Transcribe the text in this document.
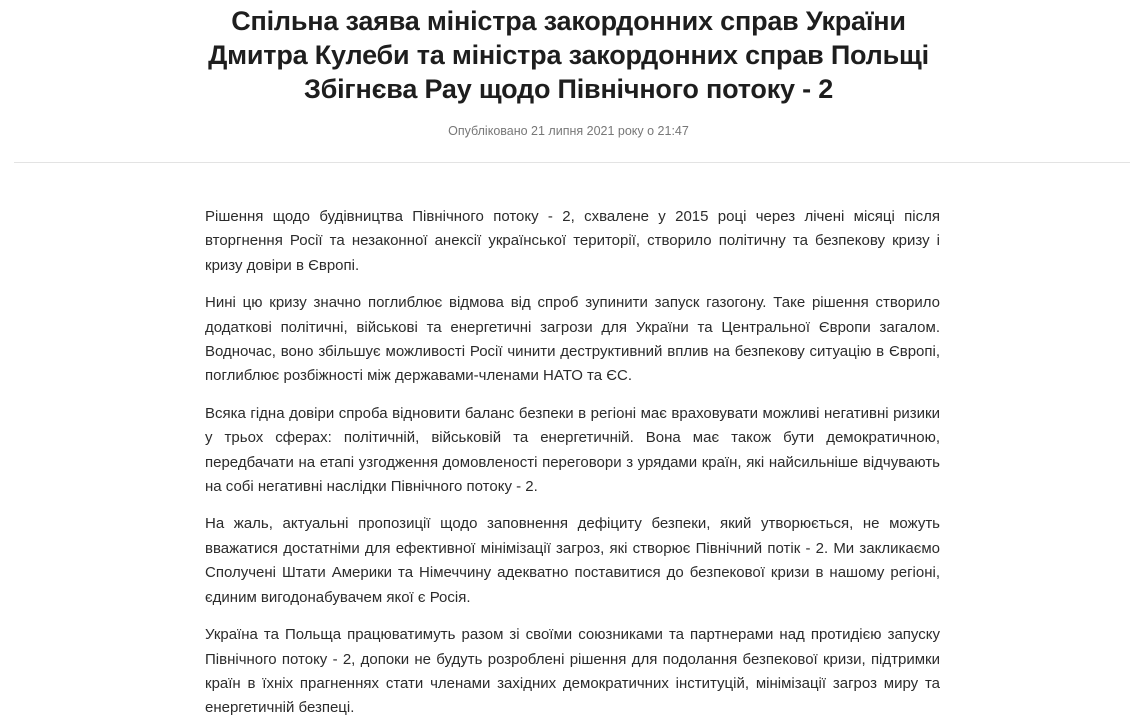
Спільна заява міністра закордонних справ України
Дмитра Кулеби та міністра закордонних справ Польщі
Збігнєва Рау щодо Північного потоку - 2
Опубліковано 21 липня 2021 року о 21:47

Рішення щодо будівництва Північного потоку - 2, схвалене у 2015 році через лічені місяці після вторгнення Росії та незаконної анексії української території, створило політичну та безпекову кризу і кризу довіри в Європі.

Нині цю кризу значно поглиблює відмова від спроб зупинити запуск газогону. Таке рішення створило додаткові політичні, військові та енергетичні загрози для України та Центральної Європи загалом. Водночас, воно збільшує можливості Росії чинити деструктивний вплив на безпекову ситуацію в Європі, поглиблює розбіжності між державами-членами НАТО та ЄС.

Всяка гідна довіри спроба відновити баланс безпеки в регіоні має враховувати можливі негативні ризики у трьох сферах: політичній, військовій та енергетичній. Вона має також бути демократичною, передбачати на етапі узгодження домовленості переговори з урядами країн, які найсильніше відчувають на собі негативні наслідки Північного потоку - 2.

На жаль, актуальні пропозиції щодо заповнення дефіциту безпеки, який утворюється, не можуть вважатися достатніми для ефективної мінімізації загроз, які створює Північний потік - 2. Ми закликаємо Сполучені Штати Америки та Німеччину адекватно поставитися до безпекової кризи в нашому регіоні, єдиним вигодонабувачем якої є Росія.

Україна та Польща працюватимуть разом зі своїми союзниками та партнерами над протидією запуску Північного потоку - 2, допоки не будуть розроблені рішення для подолання безпекової кризи, підтримки країн в їхніх прагненнях стати членами західних демократичних інституцій, мінімізації загроз миру та енергетичній безпеці.
